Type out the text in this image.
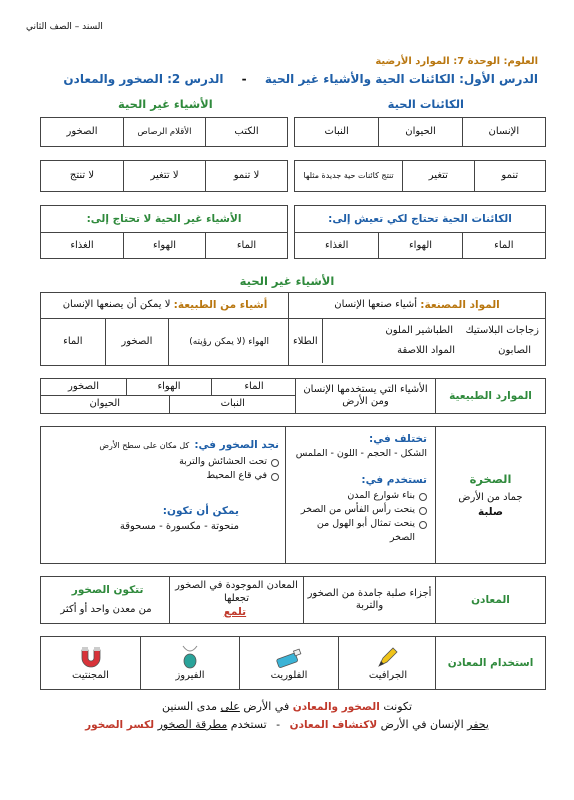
السند – الصف الثاني
العلوم: الوحدة 7: الموارد الأرضية
الدرس الأول: الكائنات الحية والأشياء غير الحية - الدرس 2: الصخور والمعادن
الكائنات الحية
الأشياء غير الحية
الإنسان
الحيوان
النبات
تنمو
تتغير
تنتج كائنات حية جديدة مثلها
الكتب
الأقلام الرصاص
الصخور
لا تنمو
لا تتغير
لا تنتج
الكائنات الحية تحتاج لكي تعيش إلى:
الماء
الهواء
الغذاء
الأشياء غير الحية لا تحتاج إلى:
الماء
الهواء
الغذاء
الأشياء غير الحية
المواد المصنعة:

أشياء صنعها الإنسان
زجاجات البلاستيك
الطباشير الملون
الطلاء
الصابون
المواد اللاصقة
أشياء من الطبيعة:

لا يمكن أن يصنعها الإنسان
الهواء (لا يمكن رؤيته)
الصخور
الماء
الموارد الطبيعية
الأشياء التي يستخدمها الإنسان ومن الأرض
الماء
الهواء
الصخور
النبات
الحيوان
الصخرة
جماد من الأرض
صلبة
تختلف في:
الشكل - الحجم - اللون - الملمس
تستخدم في:
بناء شوارع المدن
ينحت رأس الفأس من الصخر
ينحت تمثال أبو الهول من الصخر
نجد الصخور في: كل مكان على سطح الأرض
تحت الحشائش والتربة
في قاع المحيط
يمكن أن تكون:
منحوتة - مكسورة - مسحوقة
المعادن
أجزاء صلبة جامدة من الصخور والتربة
المعادن الموجودة في الصخور تجعلها

تلمع
تتكون الصخور

من معدن واحد أو أكثر
استخدام المعادن
الجرافيت
الفلوريت
الفيروز
المجنتيت
تكونت الصخور والمعادن في الأرض على مدى السنين
يحفر الإنسان في الأرض لاكتشاف المعادن - تستخدم مطرقة الصخور لكسر الصخور
